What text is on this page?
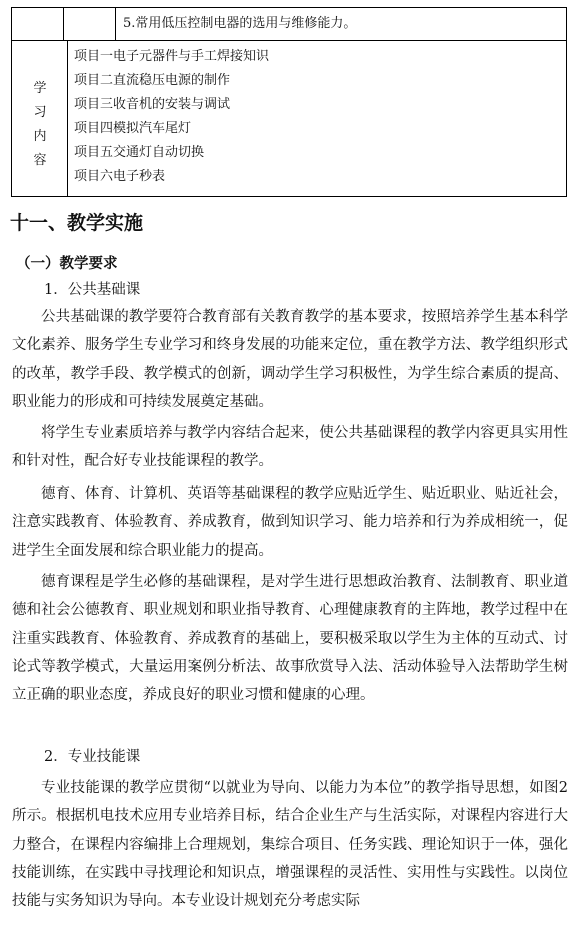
5.常用低压控制电器的选用与维修能力。
学
习
内
容
项目一电子元器件与手工焊接知识
项目二直流稳压电源的制作
项目三收音机的安装与调试
项目四模拟汽车尾灯
项目五交通灯自动切换
项目六电子秒表
十一、教学实施
（一）教学要求
1．公共基础课

公共基础课的教学要符合教育部有关教育教学的基本要求，按照培养学生基本科学文化素养、服务学生专业学习和终身发展的功能来定位，重在教学方法、教学组织形式的改革，教学手段、教学模式的创新，调动学生学习积极性，为学生综合素质的提高、职业能力的形成和可持续发展奠定基础。

将学生专业素质培养与教学内容结合起来，使公共基础课程的教学内容更具实用性和针对性，配合好专业技能课程的教学。

德育、体育、计算机、英语等基础课程的教学应贴近学生、贴近职业、贴近社会，注意实践教育、体验教育、养成教育，做到知识学习、能力培养和行为养成相统一，促进学生全面发展和综合职业能力的提高。

德育课程是学生必修的基础课程，是对学生进行思想政治教育、法制教育、职业道德和社会公德教育、职业规划和职业指导教育、心理健康教育的主阵地，教学过程中在注重实践教育、体验教育、养成教育的基础上，要积极采取以学生为主体的互动式、讨论式等教学模式，大量运用案例分析法、故事欣赏导入法、活动体验导入法帮助学生树立正确的职业态度，养成良好的职业习惯和健康的心理。

2．专业技能课

专业技能课的教学应贯彻“以就业为导向、以能力为本位”的教学指导思想，如图2所示。根据机电技术应用专业培养目标，结合企业生产与生活实际，对课程内容进行大力整合，在课程内容编排上合理规划，集综合项目、任务实践、理论知识于一体，强化技能训练，在实践中寻找理论和知识点，增强课程的灵活性、实用性与实践性。以岗位技能与实务知识为导向。本专业设计规划充分考虑实际
